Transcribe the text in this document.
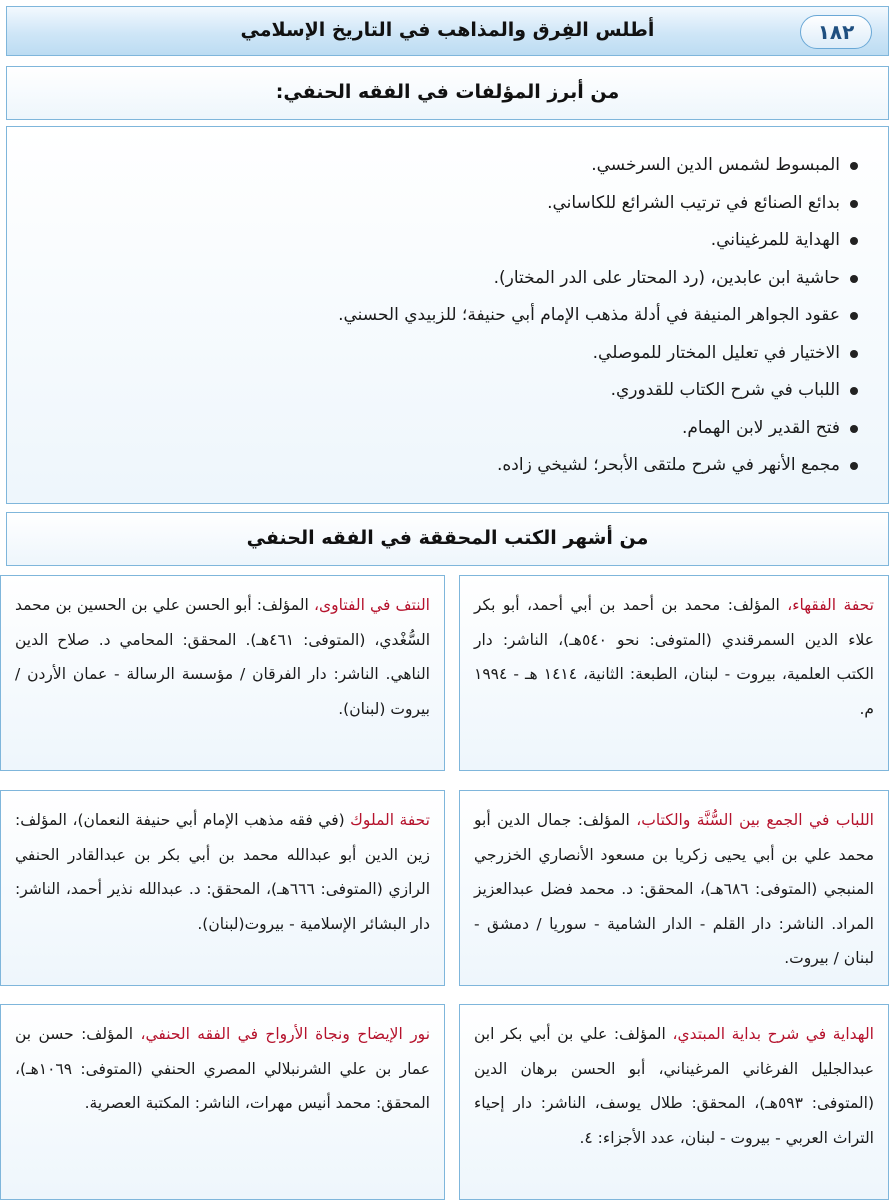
١٨٢
أطلس الفِرق والمذاهب في التاريخ الإسلامي
من أبرز المؤلفات في الفقه الحنفي:
المبسوط لشمس الدين السرخسي.
بدائع الصنائع في ترتيب الشرائع للكاساني.
الهداية للمرغيناني.
حاشية ابن عابدين، (رد المحتار على الدر المختار).
عقود الجواهر المنيفة في أدلة مذهب الإمام أبي حنيفة؛ للزبيدي الحسني.
الاختيار في تعليل المختار للموصلي.
اللباب في شرح الكتاب للقدوري.
فتح القدير لابن الهمام.
مجمع الأنهر في شرح ملتقى الأبحر؛ لشيخي زاده.
من أشهر الكتب المحققة في الفقه الحنفي
تحفة الفقهاء، المؤلف: محمد بن أحمد بن أبي أحمد، أبو بكر علاء الدين السمرقندي (المتوفى: نحو ٥٤٠هـ)، الناشر: دار الكتب العلمية، بيروت - لبنان، الطبعة: الثانية، ١٤١٤ هـ - ١٩٩٤ م.
النتف في الفتاوى، المؤلف: أبو الحسن علي بن الحسين بن محمد السُّغْدي، (المتوفى: ٤٦١هـ). المحقق: المحامي د. صلاح الدين الناهي. الناشر: دار الفرقان / مؤسسة الرسالة - عمان الأردن / بيروت (لبنان).
اللباب في الجمع بين السُّنَّة والكتاب، المؤلف: جمال الدين أبو محمد علي بن أبي يحيى زكريا بن مسعود الأنصاري الخزرجي المنبجي (المتوفى: ٦٨٦هـ)، المحقق: د. محمد فضل عبدالعزيز المراد. الناشر: دار القلم - الدار الشامية - سوريا / دمشق - لبنان / بيروت.
تحفة الملوك (في فقه مذهب الإمام أبي حنيفة النعمان)، المؤلف: زين الدين أبو عبدالله محمد بن أبي بكر بن عبدالقادر الحنفي الرازي (المتوفى: ٦٦٦هـ)، المحقق: د. عبدالله نذير أحمد، الناشر: دار البشائر الإسلامية - بيروت(لبنان).
الهداية في شرح بداية المبتدي، المؤلف: علي بن أبي بكر ابن عبدالجليل الفرغاني المرغيناني، أبو الحسن برهان الدين (المتوفى: ٥٩٣هـ)، المحقق: طلال يوسف، الناشر: دار إحياء التراث العربي - بيروت - لبنان، عدد الأجزاء: ٤.
نور الإيضاح ونجاة الأرواح في الفقه الحنفي، المؤلف: حسن بن عمار بن علي الشرنبلالي المصري الحنفي (المتوفى: ١٠٦٩هـ)، المحقق: محمد أنيس مهرات، الناشر: المكتبة العصرية.
